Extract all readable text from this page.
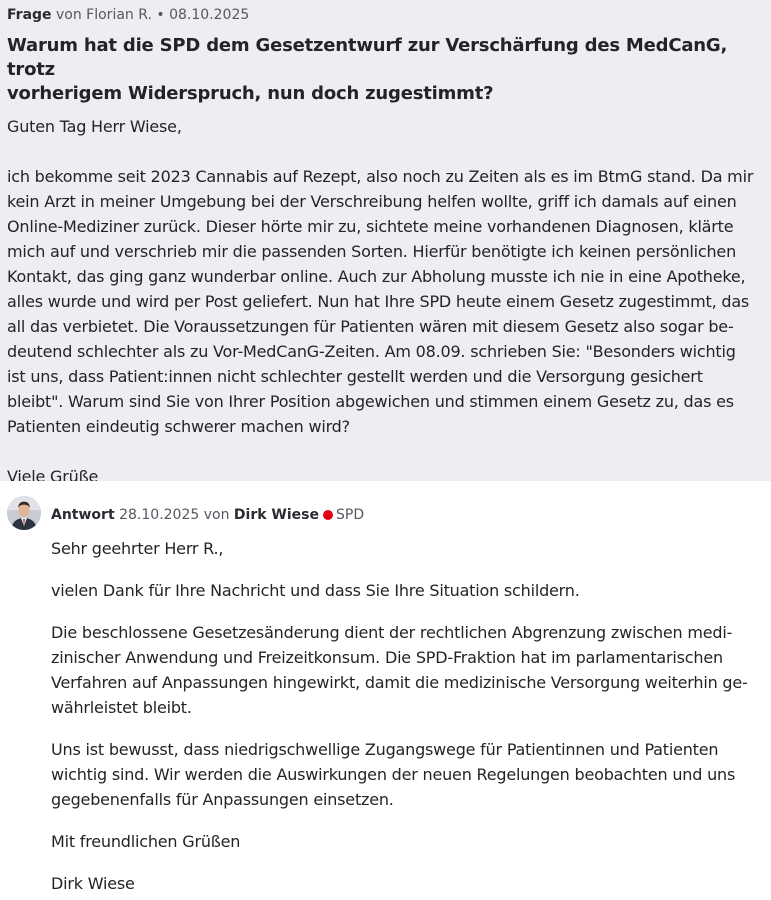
Frage von Florian R. • 08.10.2025
Warum hat die SPD dem Gesetzentwurf zur Verschärfung des MedCanG, trotz
vorherigem Widerspruch, nun doch zugestimmt?

Guten Tag Herr Wiese,

ich bekomme seit 2023 Cannabis auf Rezept, also noch zu Zeiten als es im BtmG stand. Da mir

kein Arzt in meiner Umgebung bei der Verschreibung helfen wollte, griff ich damals auf einen

Online-Mediziner zurück. Dieser hörte mir zu, sichtete meine vorhandenen Diagnosen, klärte

mich auf und verschrieb mir die passenden Sorten. Hierfür benötigte ich keinen persönlichen

Kontakt, das ging ganz wunderbar online. Auch zur Abholung musste ich nie in eine Apotheke,

alles wurde und wird per Post geliefert. Nun hat Ihre SPD heute einem Gesetz zugestimmt, das

all das verbietet. Die Voraussetzungen für Patienten wären mit diesem Gesetz also sogar be-

deutend schlechter als zu Vor-MedCanG-Zeiten. Am 08.09. schrieben Sie: "Besonders wichtig

ist uns, dass Patient:innen nicht schlechter gestellt werden und die Versorgung gesichert

bleibt". Warum sind Sie von Ihrer Position abgewichen und stimmen einem Gesetz zu, das es

Patienten eindeutig schwerer machen wird?

Viele Grüße

Antwort 28.10.2025 von Dirk Wiese SPD

Sehr geehrter Herr R.,

vielen Dank für Ihre Nachricht und dass Sie Ihre Situation schildern.

Die beschlossene Gesetzesänderung dient der rechtlichen Abgrenzung zwischen medi-

zinischer Anwendung und Freizeitkonsum. Die SPD-Fraktion hat im parlamentarischen

Verfahren auf Anpassungen hingewirkt, damit die medizinische Versorgung weiterhin ge-

währleistet bleibt.

Uns ist bewusst, dass niedrigschwellige Zugangswege für Patientinnen und Patienten

wichtig sind. Wir werden die Auswirkungen der neuen Regelungen beobachten und uns

gegebenenfalls für Anpassungen einsetzen.

Mit freundlichen Grüßen

Dirk Wiese
